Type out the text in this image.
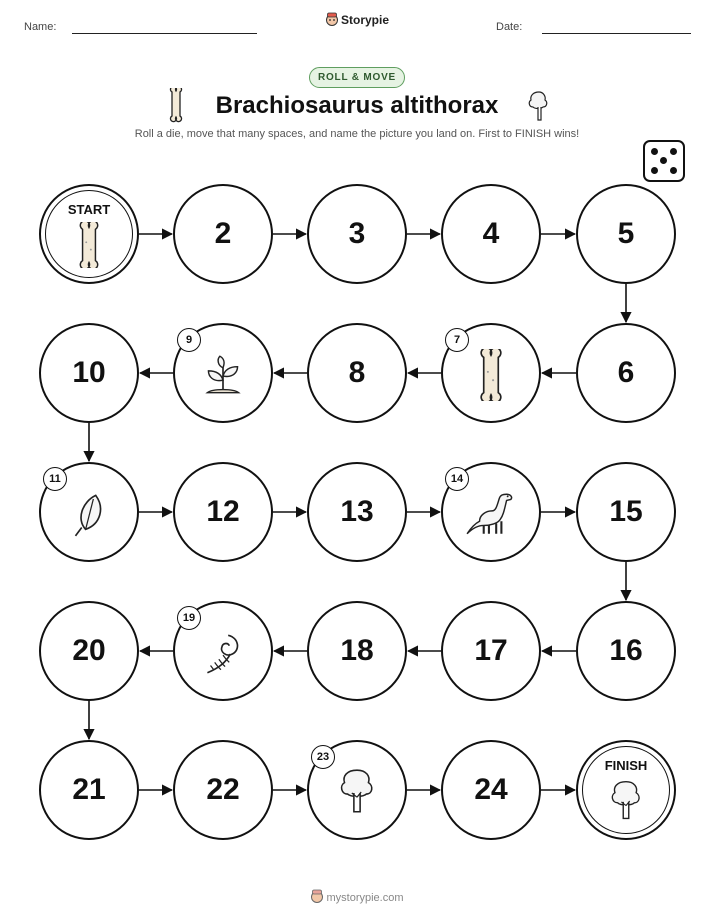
Name:	Storypie	Date:
ROLL & MOVE
Brachiosaurus altithorax
Roll a die, move that many spaces, and name the picture you land on. First to FINISH wins!
START
2	3	4	5
6
7
8
9
10
11
12	13
14
15
16
17
18
19
20
21	22
23
24
FINISH
mystorypie.com
